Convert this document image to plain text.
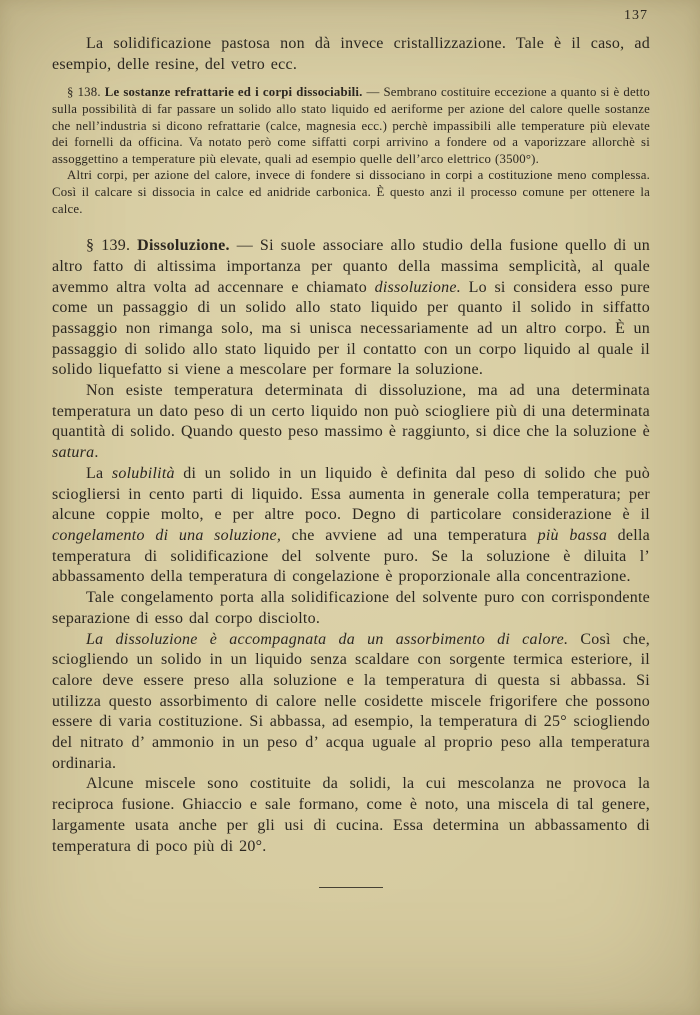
137

La solidificazione pastosa non dà invece cristallizzazione. Tale è il caso, ad esempio, delle resine, del vetro ecc.

§ 138. Le sostanze refrattarie ed i corpi dissociabili. — Sembrano costituire eccezione a quanto si è detto sulla possibilità di far passare un solido allo stato liquido ed aeriforme per azione del calore quelle sostanze che nell’industria si dicono refrattarie (calce, magnesia ecc.) perchè impassibili alle temperature più elevate dei fornelli da officina. Va notato però come siffatti corpi arrivino a fondere od a vaporizzare allorchè si assoggettino a temperature più elevate, quali ad esempio quelle dell’arco elettrico (3500°).

Altri corpi, per azione del calore, invece di fondere si dissociano in corpi a costituzione meno complessa. Così il calcare si dissocia in calce ed anidride carbonica. È questo anzi il processo comune per ottenere la calce.

§ 139. Dissoluzione. — Si suole associare allo studio della fusione quello di un altro fatto di altissima importanza per quanto della massima semplicità, al quale avemmo altra volta ad accennare e chiamato dissoluzione. Lo si considera esso pure come un passaggio di un solido allo stato liquido per quanto il solido in siffatto passaggio non rimanga solo, ma si unisca necessariamente ad un altro corpo. È un passaggio di solido allo stato liquido per il contatto con un corpo liquido al quale il solido liquefatto si viene a mescolare per formare la soluzione.

Non esiste temperatura determinata di dissoluzione, ma ad una determinata temperatura un dato peso di un certo liquido non può sciogliere più di una determinata quantità di solido. Quando questo peso massimo è raggiunto, si dice che la soluzione è satura.

La solubilità di un solido in un liquido è definita dal peso di solido che può sciogliersi in cento parti di liquido. Essa aumenta in generale colla temperatura; per alcune coppie molto, e per altre poco. Degno di particolare considerazione è il congelamento di una soluzione, che avviene ad una temperatura più bassa della temperatura di solidificazione del solvente puro. Se la soluzione è diluita l’ abbassamento della temperatura di congelazione è proporzionale alla concentrazione.

Tale congelamento porta alla solidificazione del solvente puro con corrispondente separazione di esso dal corpo disciolto.

La dissoluzione è accompagnata da un assorbimento di calore. Così che, sciogliendo un solido in un liquido senza scaldare con sorgente termica esteriore, il calore deve essere preso alla soluzione e la temperatura di questa si abbassa. Si utilizza questo assorbimento di calore nelle cosidette miscele frigorifere che possono essere di varia costituzione. Si abbassa, ad esempio, la temperatura di 25° sciogliendo del nitrato d’ ammonio in un peso d’ acqua uguale al proprio peso alla temperatura ordinaria.

Alcune miscele sono costituite da solidi, la cui mescolanza ne provoca la reciproca fusione. Ghiaccio e sale formano, come è noto, una miscela di tal genere, largamente usata anche per gli usi di cucina. Essa determina un abbassamento di temperatura di poco più di 20°.
